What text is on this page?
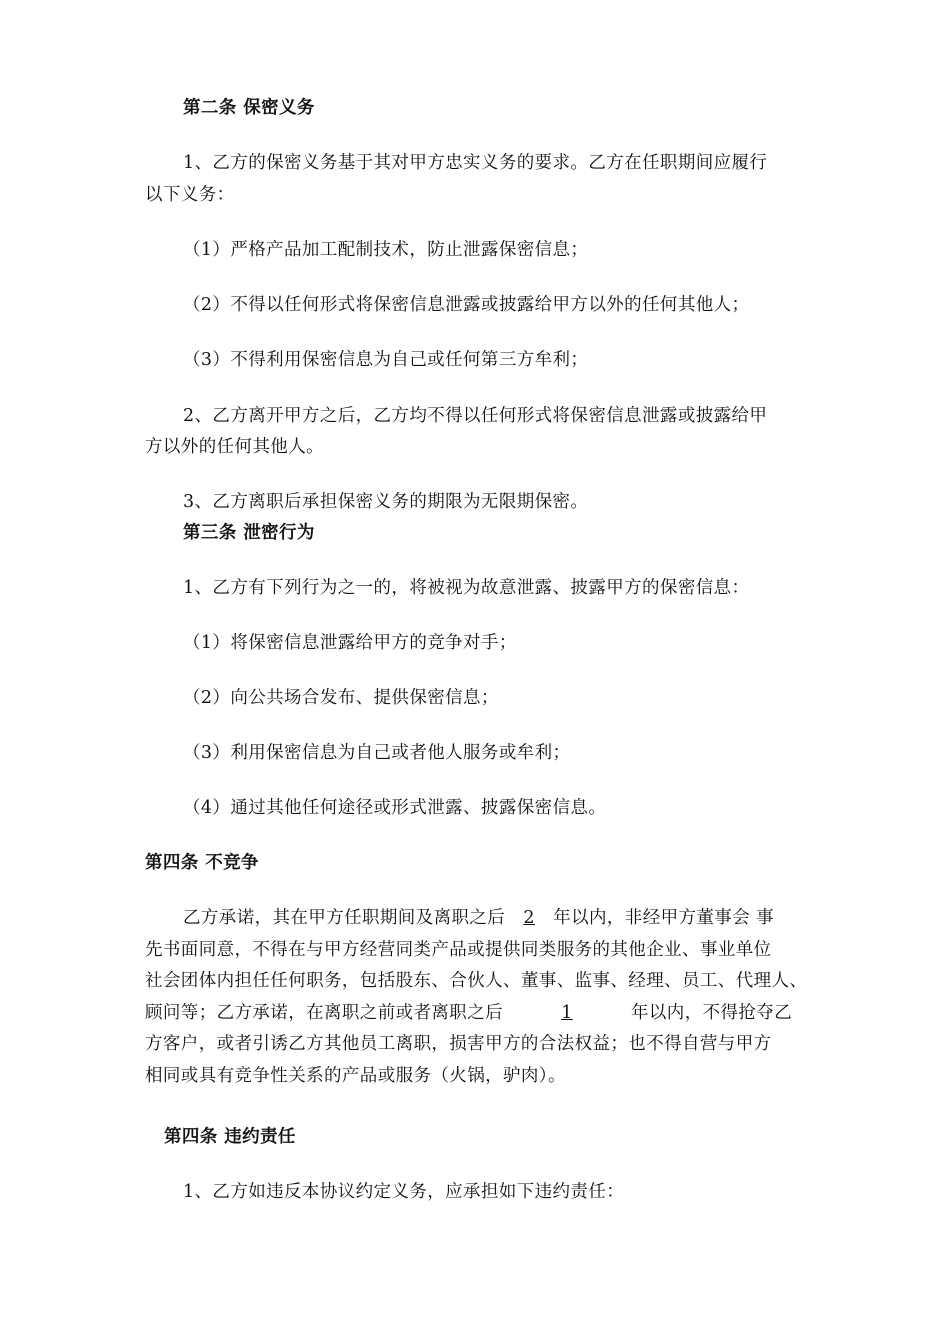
第二条 保密义务
1、乙方的保密义务基于其对甲方忠实义务的要求。乙方在任职期间应履行
以下义务：
（1）严格产品加工配制技术，防止泄露保密信息；
（2）不得以任何形式将保密信息泄露或披露给甲方以外的任何其他人；
（3）不得利用保密信息为自己或任何第三方牟利；
2、乙方离开甲方之后，乙方均不得以任何形式将保密信息泄露或披露给甲
方以外的任何其他人。
3、乙方离职后承担保密义务的期限为无限期保密。
第三条 泄密行为
1、乙方有下列行为之一的，将被视为故意泄露、披露甲方的保密信息：
（1）将保密信息泄露给甲方的竞争对手；
（2）向公共场合发布、提供保密信息；
（3）利用保密信息为自己或者他人服务或牟利；
（4）通过其他任何途径或形式泄露、披露保密信息。
第四条 不竞争
乙方承诺，其在甲方任职期间及离职之后 2 年以内，非经甲方董事会 事
先书面同意，不得在与甲方经营同类产品或提供同类服务的其他企业、事业单位
社会团体内担任任何职务，包括股东、合伙人、董事、监事、经理、员工、代理人、
顾问等；乙方承诺，在离职之前或者离职之后	1	年以内，不得抢夺乙
方客户，或者引诱乙方其他员工离职，损害甲方的合法权益；也不得自营与甲方
相同或具有竞争性关系的产品或服务（火锅，驴肉）。
第四条 违约责任
1、乙方如违反本协议约定义务，应承担如下违约责任：
